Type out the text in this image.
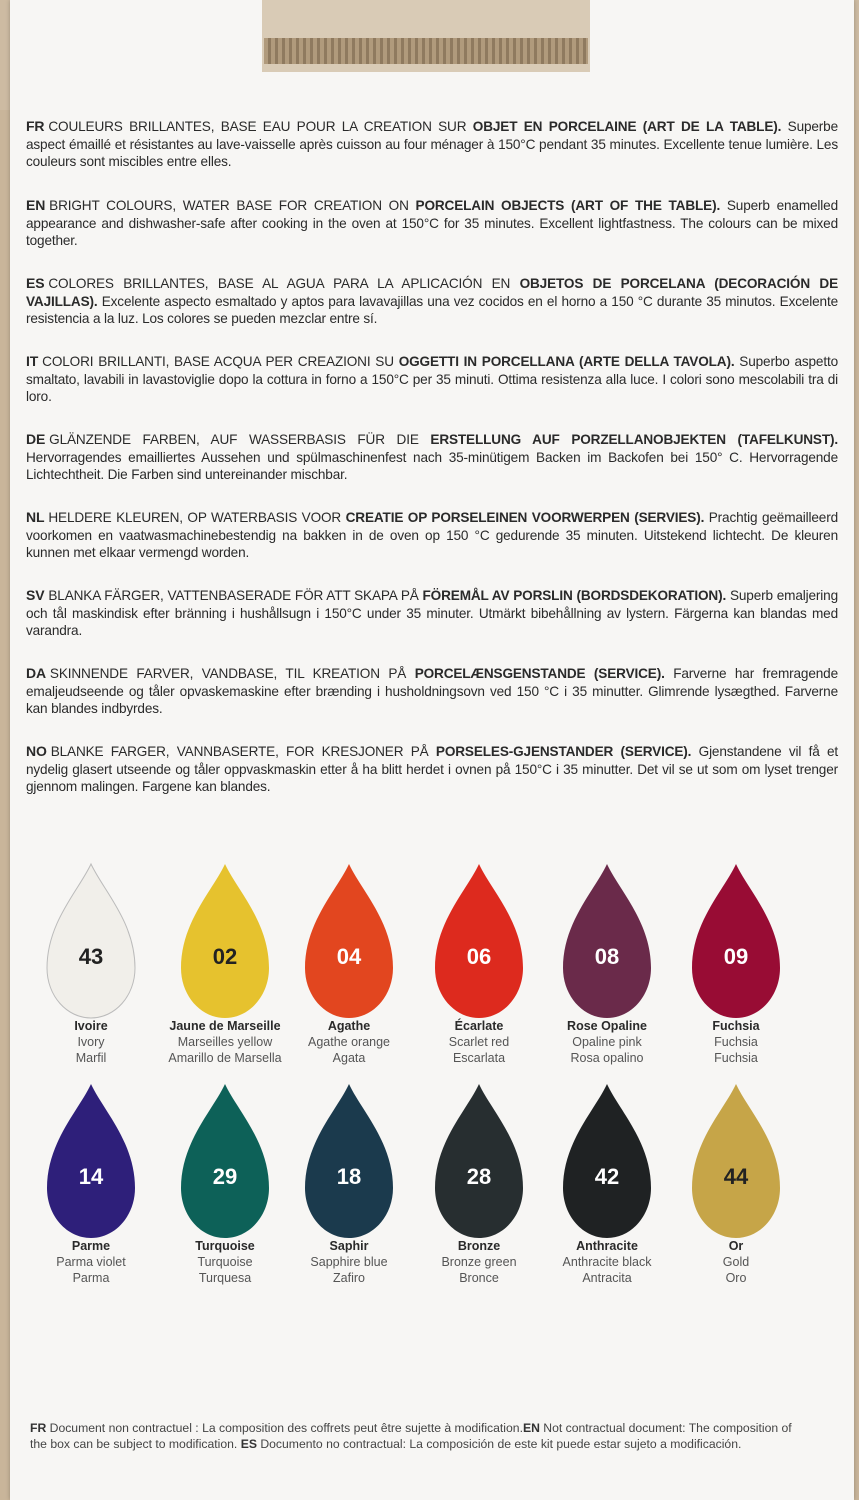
FR COULEURS BRILLANTES, BASE EAU POUR LA CREATION SUR OBJET EN PORCELAINE (ART DE LA TABLE). Superbe aspect émaillé et résistantes au lave-vaisselle après cuisson au four ménager à 150°C pendant 35 minutes. Excellente tenue lumière. Les couleurs sont miscibles entre elles.
EN BRIGHT COLOURS, WATER BASE FOR CREATION ON PORCELAIN OBJECTS (ART OF THE TABLE). Superb enamelled appearance and dishwasher-safe after cooking in the oven at 150°C for 35 minutes. Excellent lightfastness. The colours can be mixed together.
ES COLORES BRILLANTES, BASE AL AGUA PARA LA APLICACIÓN EN OBJETOS DE PORCELANA (DECORACIÓN DE VAJILLAS). Excelente aspecto esmaltado y aptos para lavavajillas una vez cocidos en el horno a 150 °C durante 35 minutos. Excelente resistencia a la luz. Los colores se pueden mezclar entre sí.
IT COLORI BRILLANTI, BASE ACQUA PER CREAZIONI SU OGGETTI IN PORCELLANA (ARTE DELLA TAVOLA). Superbo aspetto smaltato, lavabili in lavastoviglie dopo la cottura in forno a 150°C per 35 minuti. Ottima resistenza alla luce. I colori sono mescolabili tra di loro.
DE GLÄNZENDE FARBEN, AUF WASSERBASIS FÜR DIE ERSTELLUNG AUF PORZELLANOBJEKTEN (TAFELKUNST). Hervorragendes emailliertes Aussehen und spülmaschinenfest nach 35-minütigem Backen im Backofen bei 150° C. Hervorragende Lichtechtheit. Die Farben sind untereinander mischbar.
NL HELDERE KLEUREN, OP WATERBASIS VOOR CREATIE OP PORSELEINEN VOORWERPEN (SERVIES). Prachtig geëmailleerd voorkomen en vaatwasmachinebestendig na bakken in de oven op 150 °C gedurende 35 minuten. Uitstekend lichtecht. De kleuren kunnen met elkaar vermengd worden.
SV BLANKA FÄRGER, VATTENBASERADE FÖR ATT SKAPA PÅ FÖREMÅL AV PORSLIN (BORDSDEKORATION). Superb emaljering och tål maskindisk efter bränning i hushållsugn i 150°C under 35 minuter. Utmärkt bibehållning av lystern. Färgerna kan blandas med varandra.
DA SKINNENDE FARVER, VANDBASE, TIL KREATION PÅ PORCELÆNSGENSTANDE (SERVICE). Farverne har fremragende emaljeudseende og tåler opvaskemaskine efter brænding i husholdningsovn ved 150 °C i 35 minutter. Glimrende lysægthed. Farverne kan blandes indbyrdes.
NO BLANKE FARGER, VANNBASERTE, FOR KRESJONER PÅ PORSELES-GJENSTANDER (SERVICE). Gjenstandene vil få et nydelig glasert utseende og tåler oppvaskmaskin etter å ha blitt herdet i ovnen på 150°C i 35 minutter. Det vil se ut som om lyset trenger gjennom malingen. Fargene kan blandes.
43
Ivoire
Ivory
Marfil
02
Jaune de Marseille
Marseilles yellow
Amarillo de Marsella
04
Agathe
Agathe orange
Agata
06
Écarlate
Scarlet red
Escarlata
08
Rose Opaline
Opaline pink
Rosa opalino
09
Fuchsia
Fuchsia
Fuchsia
14
Parme
Parma violet
Parma
29
Turquoise
Turquoise
Turquesa
18
Saphir
Sapphire blue
Zafiro
28
Bronze
Bronze green
Bronce
42
Anthracite
Anthracite black
Antracita
44
Or
Gold
Oro
FR Document non contractuel : La composition des coffrets peut être sujette à modification.EN Not contractual document: The composition of the box can be subject to modification. ES Documento no contractual: La composición de este kit puede estar sujeto a modificación.
